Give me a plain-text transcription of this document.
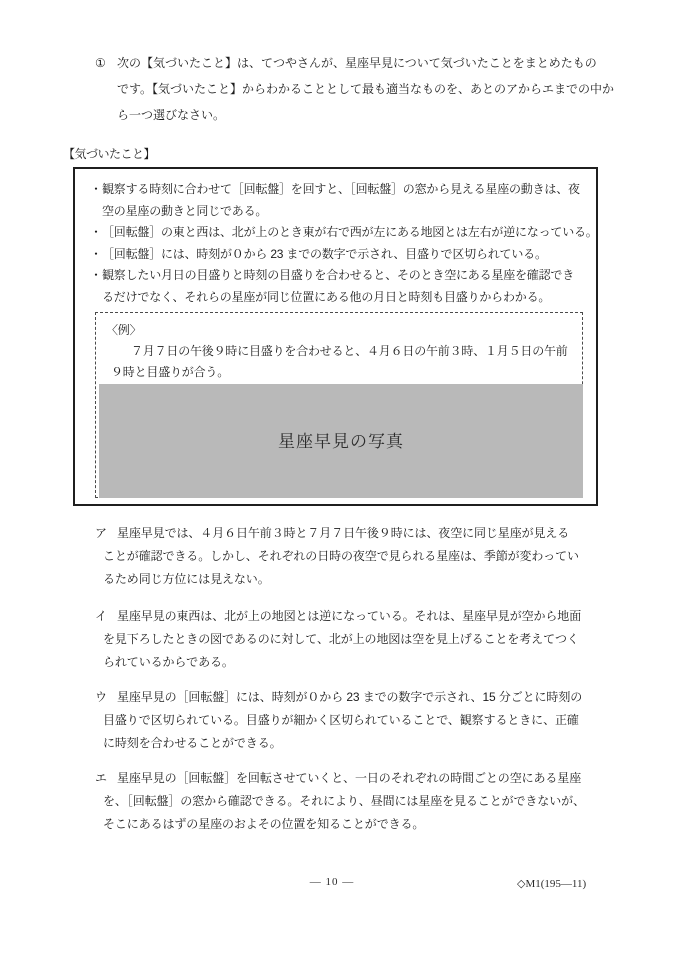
① 次の【気づいたこと】は、てつやさんが、星座早見について気づいたことをまとめたもの
です。【気づいたこと】からわかることとして最も適当なものを、あとのアからエまでの中か
ら一つ選びなさい。
【気づいたこと】
・ 観察する時刻に合わせて［回転盤］を回すと、［回転盤］の窓から見える星座の動きは、夜
空の星座の動きと同じである。
・ ［回転盤］の東と西は、北が上のとき東が右で西が左にある地図とは左右が逆になっている。
・ ［回転盤］には、時刻が０から 23 までの数字で示され、目盛りで区切られている。
・ 観察したい月日の目盛りと時刻の目盛りを合わせると、そのとき空にある星座を確認でき
るだけでなく、それらの星座が同じ位置にある他の月日と時刻も目盛りからわかる。
〈例〉
７月７日の午後９時に目盛りを合わせると、４月６日の午前３時、１月５日の午前
９時と目盛りが合う。
星座早見の写真
ア 星座早見では、４月６日午前３時と７月７日午後９時には、夜空に同じ星座が見える
ことが確認できる。しかし、それぞれの日時の夜空で見られる星座は、季節が変わってい
るため同じ方位には見えない。
イ 星座早見の東西は、北が上の地図とは逆になっている。それは、星座早見が空から地面
を見下ろしたときの図であるのに対して、北が上の地図は空を見上げることを考えてつく
られているからである。
ウ 星座早見の［回転盤］には、時刻が０から 23 までの数字で示され、15 分ごとに時刻の
目盛りで区切られている。目盛りが細かく区切られていることで、観察するときに、正確
に時刻を合わせることができる。
エ 星座早見の［回転盤］を回転させていくと、一日のそれぞれの時間ごとの空にある星座
を、［回転盤］の窓から確認できる。それにより、昼間には星座を見ることができないが、
そこにあるはずの星座のおよその位置を知ることができる。
— 10 —	◇M1(195—11)
